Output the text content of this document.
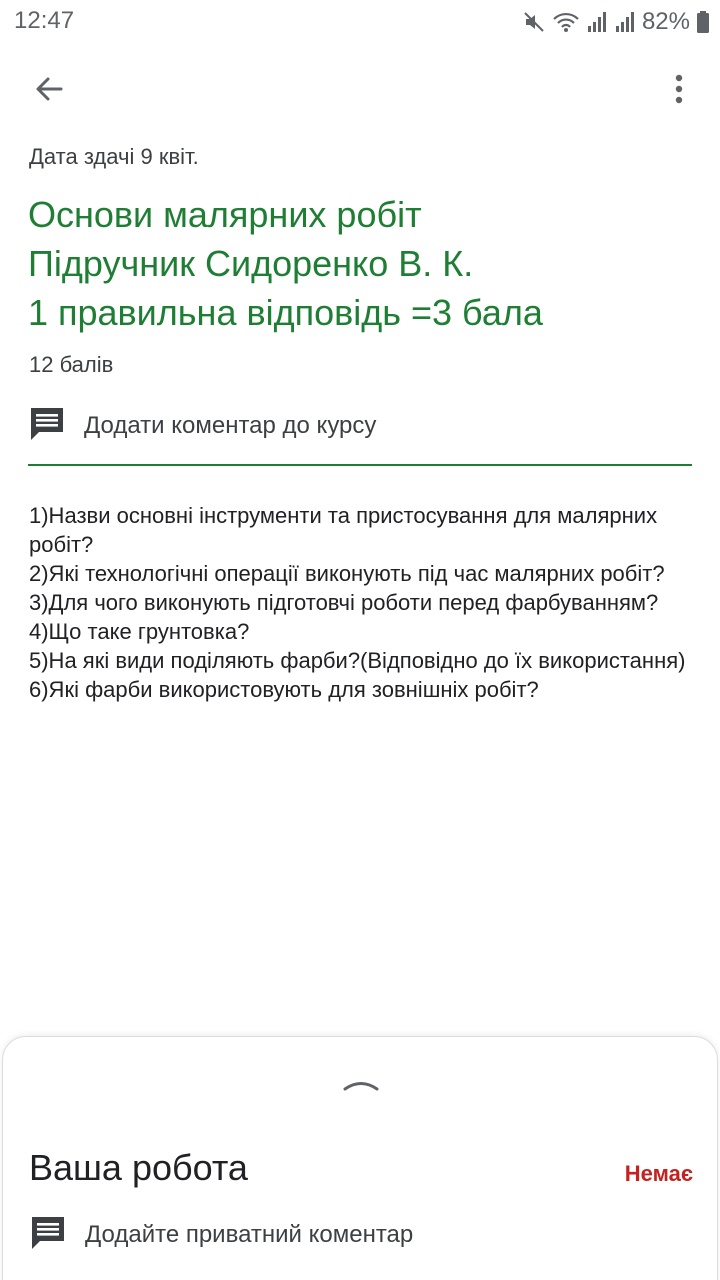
12:47	82%
Дата здачі 9 квіт.
Основи малярних робіт
Підручник Сидоренко В. К.
1 правильна відповідь =3 бала
12 балів
Додати коментар до курсу
1)Назви основні інструменти та пристосування для малярних робіт?
2)Які технологічні операції виконують під час малярних робіт?
3)Для чого виконують підготовчі роботи перед фарбуванням?
4)Що таке грунтовка?
5)На які види поділяють фарби?(Відповідно до їх використання)
6)Які фарби використовують для зовнішніх робіт?
Ваша робота	Немає
Додайте приватний коментар
